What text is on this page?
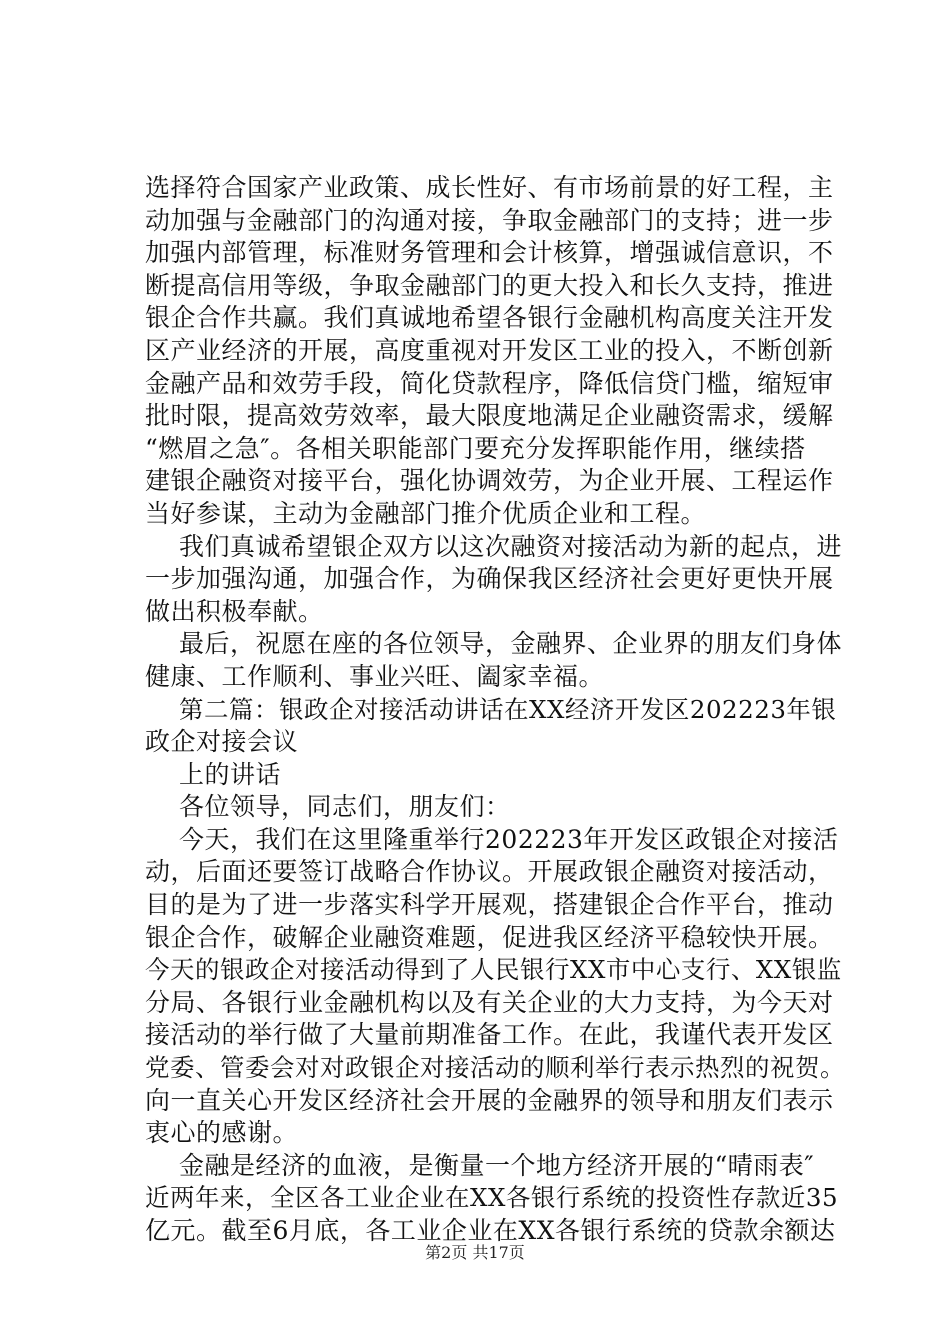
选择符合国家产业政策、成长性好、有市场前景的好工程，主
动加强与金融部门的沟通对接，争取金融部门的支持；进一步
加强内部管理，标准财务管理和会计核算，增强诚信意识，不
断提高信用等级，争取金融部门的更大投入和长久支持，推进
银企合作共赢。我们真诚地希望各银行金融机构高度关注开发
区产业经济的开展，高度重视对开发区工业的投入，不断创新
金融产品和效劳手段，简化贷款程序，降低信贷门槛，缩短审
批时限，提高效劳效率，最大限度地满足企业融资需求，缓解
“燃眉之急″。各相关职能部门要充分发挥职能作用，继续搭
建银企融资对接平台，强化协调效劳，为企业开展、工程运作
当好参谋，主动为金融部门推介优质企业和工程。
我们真诚希望银企双方以这次融资对接活动为新的起点，进
一步加强沟通，加强合作，为确保我区经济社会更好更快开展
做出积极奉献。
最后，祝愿在座的各位领导，金融界、企业界的朋友们身体
健康、工作顺利、事业兴旺、阖家幸福。
第二篇：银政企对接活动讲话在XX经济开发区202223年银
政企对接会议
上的讲话
各位领导，同志们，朋友们：
今天，我们在这里隆重举行202223年开发区政银企对接活
动，后面还要签订战略合作协议。开展政银企融资对接活动，
目的是为了进一步落实科学开展观，搭建银企合作平台，推动
银企合作，破解企业融资难题，促进我区经济平稳较快开展。
今天的银政企对接活动得到了人民银行XX市中心支行、XX银监
分局、各银行业金融机构以及有关企业的大力支持，为今天对
接活动的举行做了大量前期准备工作。在此，我谨代表开发区
党委、管委会对对政银企对接活动的顺利举行表示热烈的祝贺。
向一直关心开发区经济社会开展的金融界的领导和朋友们表示
衷心的感谢。
金融是经济的血液，是衡量一个地方经济开展的“晴雨表″
近两年来，全区各工业企业在XX各银行系统的投资性存款近35
亿元。截至6月底，各工业企业在XX各银行系统的贷款余额达
第2页 共17页
